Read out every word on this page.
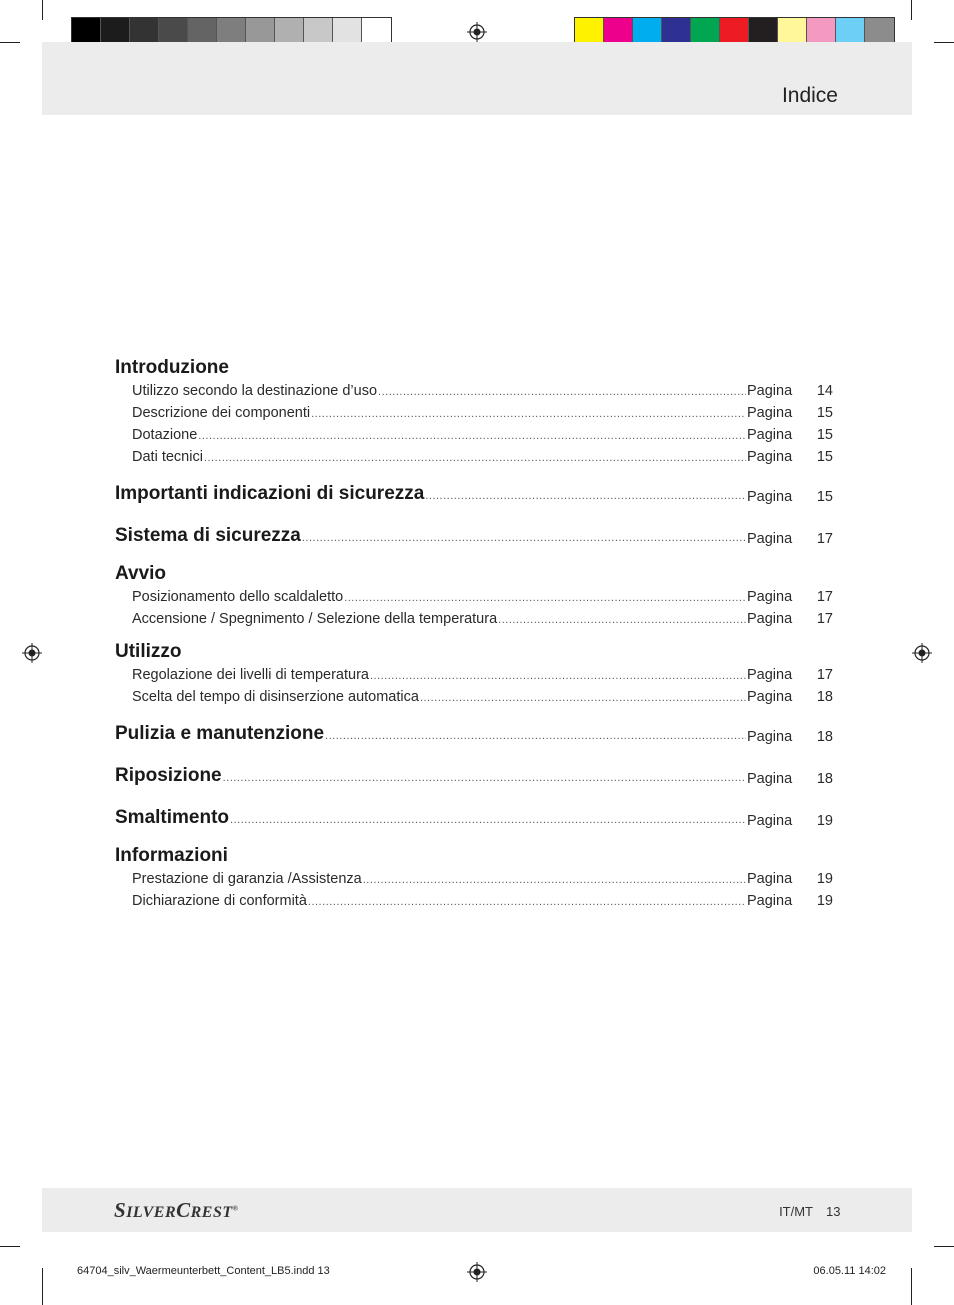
Indice
Introduzione
Utilizzo secondo la destinazione d’uso .....	Pagina	14
Descrizione dei componenti .....	Pagina	15
Dotazione .....	Pagina	15
Dati tecnici .....	Pagina	15
Importanti indicazioni di sicurezza .....	Pagina	15
Sistema di sicurezza .....	Pagina	17
Avvio
Posizionamento dello scaldaletto .....	Pagina	17
Accensione / Spegnimento / Selezione della temperatura .....	Pagina	17
Utilizzo
Regolazione dei livelli di temperatura .....	Pagina	17
Scelta del tempo di disinserzione automatica .....	Pagina	18
Pulizia e manutenzione .....	Pagina	18
Riposizione .....	Pagina	18
Smaltimento .....	Pagina	19
Informazioni
Prestazione di garanzia /Assistenza .....	Pagina	19
Dichiarazione di conformità .....	Pagina	19
SILVERCREST®	IT/MT 13
64704_silv_Waermeunterbett_Content_LB5.indd 13	06.05.11 14:02
